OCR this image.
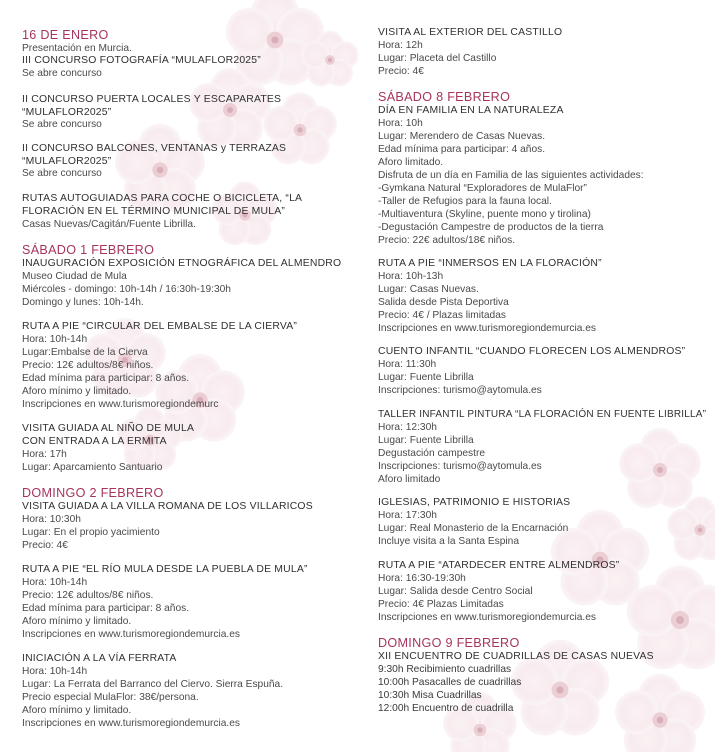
16 DE ENERO
Presentación en Murcia.
III CONCURSO FOTOGRAFÍA “MULAFLOR2025”
Se abre concurso
II CONCURSO PUERTA LOCALES Y ESCAPARATES
“MULAFLOR2025”
Se abre concurso
II CONCURSO BALCONES, VENTANAS y TERRAZAS
“MULAFLOR2025”
Se abre concurso
RUTAS AUTOGUIADAS PARA COCHE O BICICLETA, “LA
FLORACIÓN EN EL TÉRMINO MUNICIPAL DE MULA”
Casas Nuevas/Cagitán/Fuente Librilla.
SÁBADO 1 FEBRERO
INAUGURACIÓN EXPOSICIÓN ETNOGRÁFICA DEL ALMENDRO
Museo Ciudad de Mula
Miércoles - domingo: 10h-14h / 16:30h-19:30h
Domingo y lunes: 10h-14h.
RUTA A PIE “CIRCULAR DEL EMBALSE DE LA CIERVA”
Hora: 10h-14h
Lugar:Embalse de la Cierva
Precio: 12€ adultos/8€ niños.
Edad mínima para participar: 8 años.
Aforo mínimo y limitado.
Inscripciones en www.turismoregiondemurc
VISITA GUIADA AL NIÑO DE MULA
CON ENTRADA A LA ERMITA
Hora: 17h
Lugar: Aparcamiento Santuario
DOMINGO 2 FEBRERO
VISITA GUIADA A LA VILLA ROMANA DE LOS VILLARICOS
Hora: 10:30h
Lugar: En el propio yacimiento
Precio: 4€
RUTA A PIE “EL RÍO MULA DESDE LA PUEBLA DE MULA”
Hora: 10h-14h
Precio: 12€ adultos/8€ niños.
Edad mínima para participar: 8 años.
Aforo mínimo y limitado.
Inscripciones en www.turismoregiondemurcia.es
INICIACIÓN A LA VÍA FERRATA
Hora: 10h-14h
Lugar: La Ferrata del Barranco del Ciervo. Sierra Espuña.
Precio especial MulaFlor: 38€/persona.
Aforo mínimo y limitado.
Inscripciones en www.turismoregiondemurcia.es
VISITA AL EXTERIOR DEL CASTILLO
Hora: 12h
Lugar: Placeta del Castillo
Precio: 4€
SÁBADO 8 FEBRERO
DÍA EN FAMILIA EN LA NATURALEZA
Hora: 10h
Lugar: Merendero de Casas Nuevas.
Edad mínima para participar: 4 años.
Aforo limitado.
Disfruta de un día en Familia de las siguientes actividades:
-Gymkana Natural “Exploradores de MulaFlor”
-Taller de Refugios para la fauna local.
-Multiaventura (Skyline, puente mono y tirolina)
-Degustación Campestre de productos de la tierra
Precio: 22€ adultos/18€ niños.
RUTA A PIE “INMERSOS EN LA FLORACIÓN”
Hora: 10h-13h
Lugar: Casas Nuevas.
Salida desde Pista Deportiva
Precio: 4€ / Plazas limitadas
Inscripciones en www.turismoregiondemurcia.es
CUENTO INFANTIL “CUANDO FLORECEN LOS ALMENDROS”
Hora: 11:30h
Lugar: Fuente Librilla
Inscripciones: turismo@aytomula.es
TALLER INFANTIL PINTURA “LA FLORACIÓN EN FUENTE LIBRILLA”
Hora: 12:30h
Lugar: Fuente Librilla
Degustación campestre
Inscripciones: turismo@aytomula.es
Aforo limitado
IGLESIAS, PATRIMONIO E HISTORIAS
Hora: 17:30h
Lugar: Real Monasterio de la Encarnación
Incluye visita a la Santa Espina
RUTA A PIE “ATARDECER ENTRE ALMENDROS”
Hora: 16:30-19:30h
Lugar: Salida desde Centro Social
Precio: 4€ Plazas Limitadas
Inscripciones en www.turismoregiondemurcia.es
DOMINGO 9 FEBRERO
XII ENCUENTRO DE CUADRILLAS DE CASAS NUEVAS
9:30h Recibimiento cuadrillas
10:00h Pasacalles de cuadrillas
10:30h Misa Cuadrillas
12:00h Encuentro de cuadrilla
